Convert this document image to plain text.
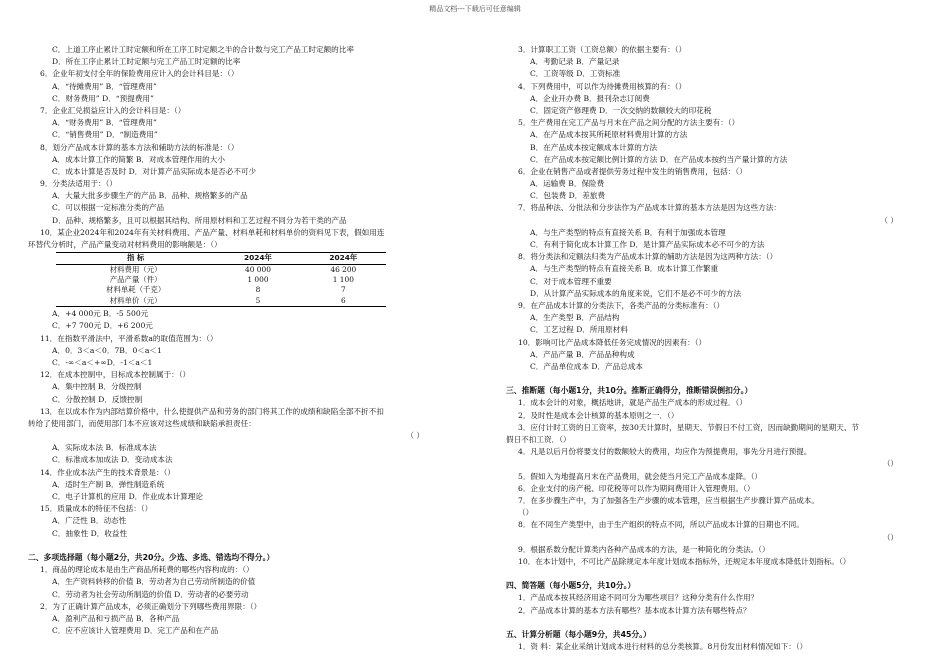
精品文档---下载后可任意编辑
C．上道工序止累计工时定额和所在工序工时定额之半的合计数与完工产品工时定额的比率
D．所在工序止累计工时定额与完工产品工时定额的比率
6．企业年初支付全年的保险费用应计入的会计科目是：（）
A．“待摊费用” B．“管理费用”
C．财务费用” D．“预提费用”
7．企业汇兑损益应计入的会计科目是：（）
A．“财务费用” B．“管理费用”
C．“销售费用” D．“制造费用”
8．划分产品成本计算的基本方法和辅助方法的标准是：（）
A．成本计算工作的简繁 B．对成本管理作用的大小
C．成本计算是否及时 D．对计算产品实际成本是否必不可少
9．分类法适用于：（）
A．大量大批多步骤生产的产品 B．品种、规格繁多的产品
C．可以根据一定标准分类的产品
D．品种、规格繁多，且可以根据其结构、所用原材料和工艺过程不同分为若干类的产品
10．某企业2024年和2024年有关材料费用、产品产量、材料单耗和材料单价的资料见下表，假如用连
环替代分析时，产品产量变动对材料费用的影响额是：（）
指 标	2024年	2024年
材料费用（元）	40 000	46 200
产品产量（件）	1 000	1 100
材料单耗（千克）	8	7
材料单价（元）	5	6
A．+4 000元 B．-5 500元
C．+7 700元 D．+6 200元
11．在指数平滑法中，平滑系数a的取值范围为：（）
A．0．3＜a＜0．7B．0＜a＜1
C．-∞＜a＜+∞D．-1＜a＜1
12．在成本控制中，目标成本控制属于：（）
A．集中控制 B．分级控制
C．分散控制 D．反馈控制
13．在以成本作为内部结算价格中，什么使提供产品和劳务的部门将其工作的成绩和缺陷全部不折不扣
转给了使用部门，而使用部门本不应该对这些成绩和缺陷承担责任：
（ ）
A．实际成本法 B．标准成本法
C．标准成本加成法 D．变动成本法
14．作业成本法产生的技术背景是：（）
A．适时生产制 B．弹性制造系统
C．电子计算机的应用 D．作业成本计算理论
15．质量成本的特征不包括：（）
A．广泛性 B．动态性
C．抽象性 D．收益性
二、多项选择题（每小题2分，共20分。少选、多选、错选均不得分。）
1．商品的理论成本是由生产商品所耗费的哪些内容构成的：（）
A．生产资料转移的价值 B．劳动者为自己劳动所制造的价值
C．劳动者为社会劳动所制造的价值 D．劳动者的必要劳动
2．为了正确计算产品成本，必须正确划分下列哪些费用界限：（）
A．盈利产品和亏损产品 B．各种产品
C．应不应该计入管理费用 D．完工产品和在产品
3．计算职工工资（工资总额）的依据主要有：（）
A．考勤记录 B．产量记录
C．工资等级 D．工资标准
4．下列费用中，可以作为待摊费用核算的有：（）
A．企业开办费 B．报刊杂志订阅费
C．固定资产修理费 D．一次交纳的数额较大的印花税
5．生产费用在完工产品与月末在产品之间分配的方法主要有：（）
A．在产品成本按其所耗原材料费用计算的方法
B．在产品成本按定额成本计算的方法
C．在产品成本按定额比例计算的方法 D．在产品成本按约当产量计算的方法
6．企业在销售产品或者提供劳务过程中发生的销售费用，包括：（）
A．运输费 B．保险费
C．包装费 D．差旅费
7．将品种法、分批法和分步法作为产品成本计算的基本方法是因为这些方法：
（ ）
A．与生产类型的特点有直接关系 B．有利于加强成本管理
C．有利于简化成本计算工作 D．是计算产品实际成本必不可少的方法
8．将分类法和定额法归类为产品成本计算的辅助方法是因为这两种方法：（）
A．与生产类型的特点有直接关系 B．成本计算工作繁重
C．对于成本管理不重要
D．从计算产品实际成本的角度来说，它们不是必不可少的方法
9．在产品成本计算的分类法下，各类产品的分类标准有：（）
A．生产类型 B．产品结构
C．工艺过程 D．所用原材料
10．影响可比产品成本降低任务完成情况的因素有：（）
A．产品产量 B．产品品种构成
C．产品单位成本 D．产品总成本
三、推断题（每小题1分，共10分。推断正确得分，推断错误倒扣分。）
1．成本会计的对象，概括地讲，就是产品生产成本的形成过程．（）
2．及时性是成本会计核算的基本原则之一．（）
3．应付计时工资的日工资率，按30天计算时，星期天、节假日不付工资，因而缺勤期间的星期天、节
假日不扣工资．（）
4．凡是以后月份将要支付的数额较大的费用，均应作为预提费用，事先分月进行预提。
（）
5．假如入为地提高月末在产品费用，就会使当月完工产品成本虚降。（）
6．企业支付的房产税、印花税等可以作为期间费用计入管理费用。（）
7．在多步骤生产中，为了加强各生产步骤的成本管理，应当根据生产步骤计算产品成本。
（）
8．在不同生产类型中，由于生产组织的特点不同，所以产品成本计算的日期也不同。
（）
9．根据系数分配计算类内各种产品成本的方法，是一种简化的分类法。（）
10．在本计划中，不可比产品除规定本年度计划成本指标外，还规定本年度成本降低计划指标。（）
四、简答题（每小题5分，共10分。）
1．产品成本按其经济用途不同可分为哪些项目？这种分类有什么作用？
2．产品成本计算的基本方法有哪些？基本成本计算方法有哪些特点？
五、计算分析题（每小题9分，共45分。）
1．资 料：某企业采纳计划成本进行材料的总分类核算。8月份发出材料情况如下：（）
